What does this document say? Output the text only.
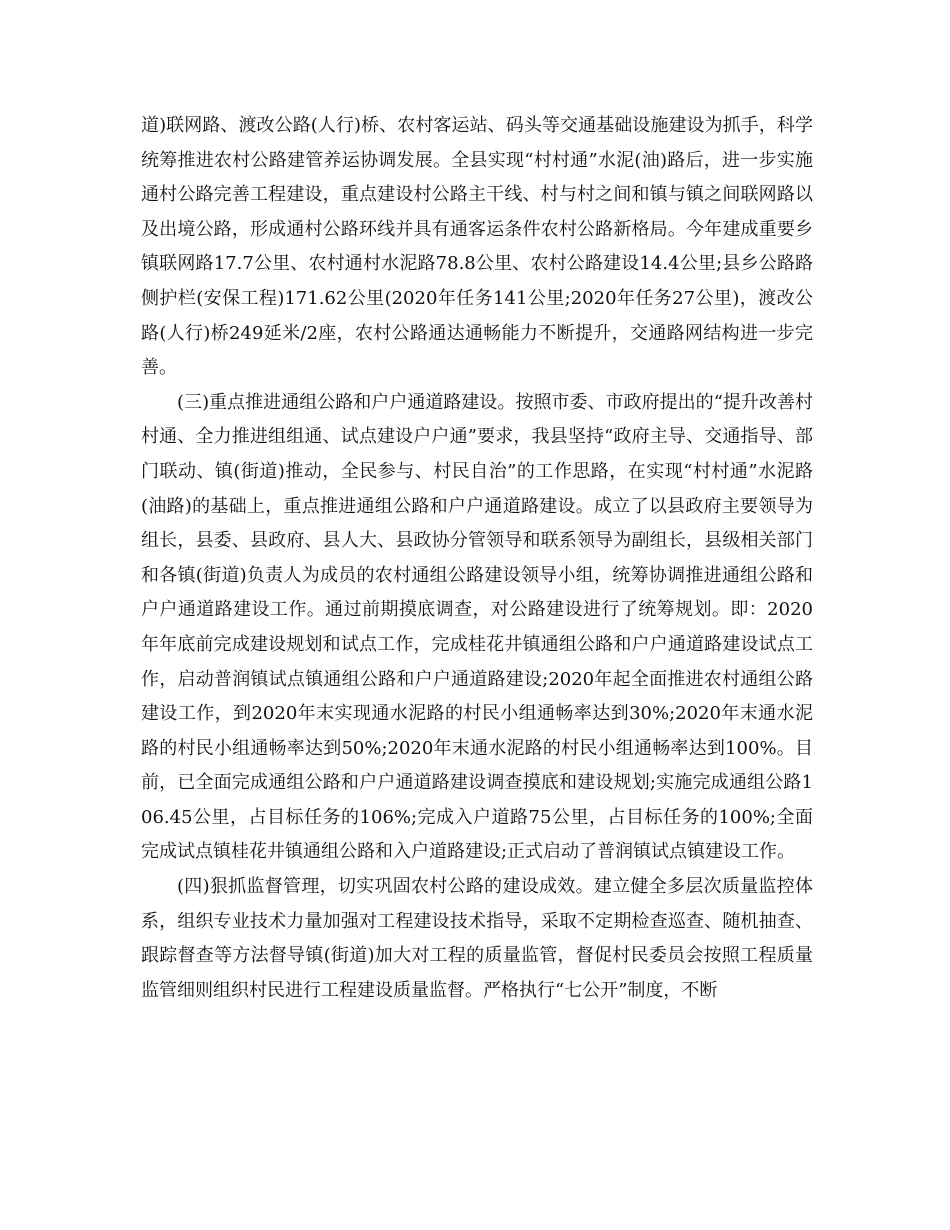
道)联网路、渡改公路(人行)桥、农村客运站、码头等交通基础设施建设为抓手，科学统筹推进农村公路建管养运协调发展。全县实现“村村通”水泥(油)路后，进一步实施通村公路完善工程建设，重点建设村公路主干线、村与村之间和镇与镇之间联网路以及出境公路，形成通村公路环线并具有通客运条件农村公路新格局。今年建成重要乡镇联网路17.7公里、农村通村水泥路78.8公里、农村公路建设14.4公里;县乡公路路侧护栏(安保工程)171.62公里(2020年任务141公里;2020年任务27公里)，渡改公路(人行)桥249延米/2座，农村公路通达通畅能力不断提升，交通路网结构进一步完善。

(三)重点推进通组公路和户户通道路建设。按照市委、市政府提出的“提升改善村村通、全力推进组组通、试点建设户户通”要求，我县坚持“政府主导、交通指导、部门联动、镇(街道)推动，全民参与、村民自治”的工作思路，在实现“村村通”水泥路(油路)的基础上，重点推进通组公路和户户通道路建设。成立了以县政府主要领导为组长，县委、县政府、县人大、县政协分管领导和联系领导为副组长，县级相关部门和各镇(街道)负责人为成员的农村通组公路建设领导小组，统筹协调推进通组公路和户户通道路建设工作。通过前期摸底调查，对公路建设进行了统筹规划。即：2020年年底前完成建设规划和试点工作，完成桂花井镇通组公路和户户通道路建设试点工作，启动普润镇试点镇通组公路和户户通道路建设;2020年起全面推进农村通组公路建设工作，到2020年末实现通水泥路的村民小组通畅率达到30%;2020年末通水泥路的村民小组通畅率达到50%;2020年末通水泥路的村民小组通畅率达到100%。目前，已全面完成通组公路和户户通道路建设调查摸底和建设规划;实施完成通组公路106.45公里，占目标任务的106%;完成入户道路75公里，占目标任务的100%;全面完成试点镇桂花井镇通组公路和入户道路建设;正式启动了普润镇试点镇建设工作。

(四)狠抓监督管理，切实巩固农村公路的建设成效。建立健全多层次质量监控体系，组织专业技术力量加强对工程建设技术指导，采取不定期检查巡查、随机抽查、跟踪督查等方法督导镇(街道)加大对工程的质量监管，督促村民委员会按照工程质量监管细则组织村民进行工程建设质量监督。严格执行“七公开”制度，不断
